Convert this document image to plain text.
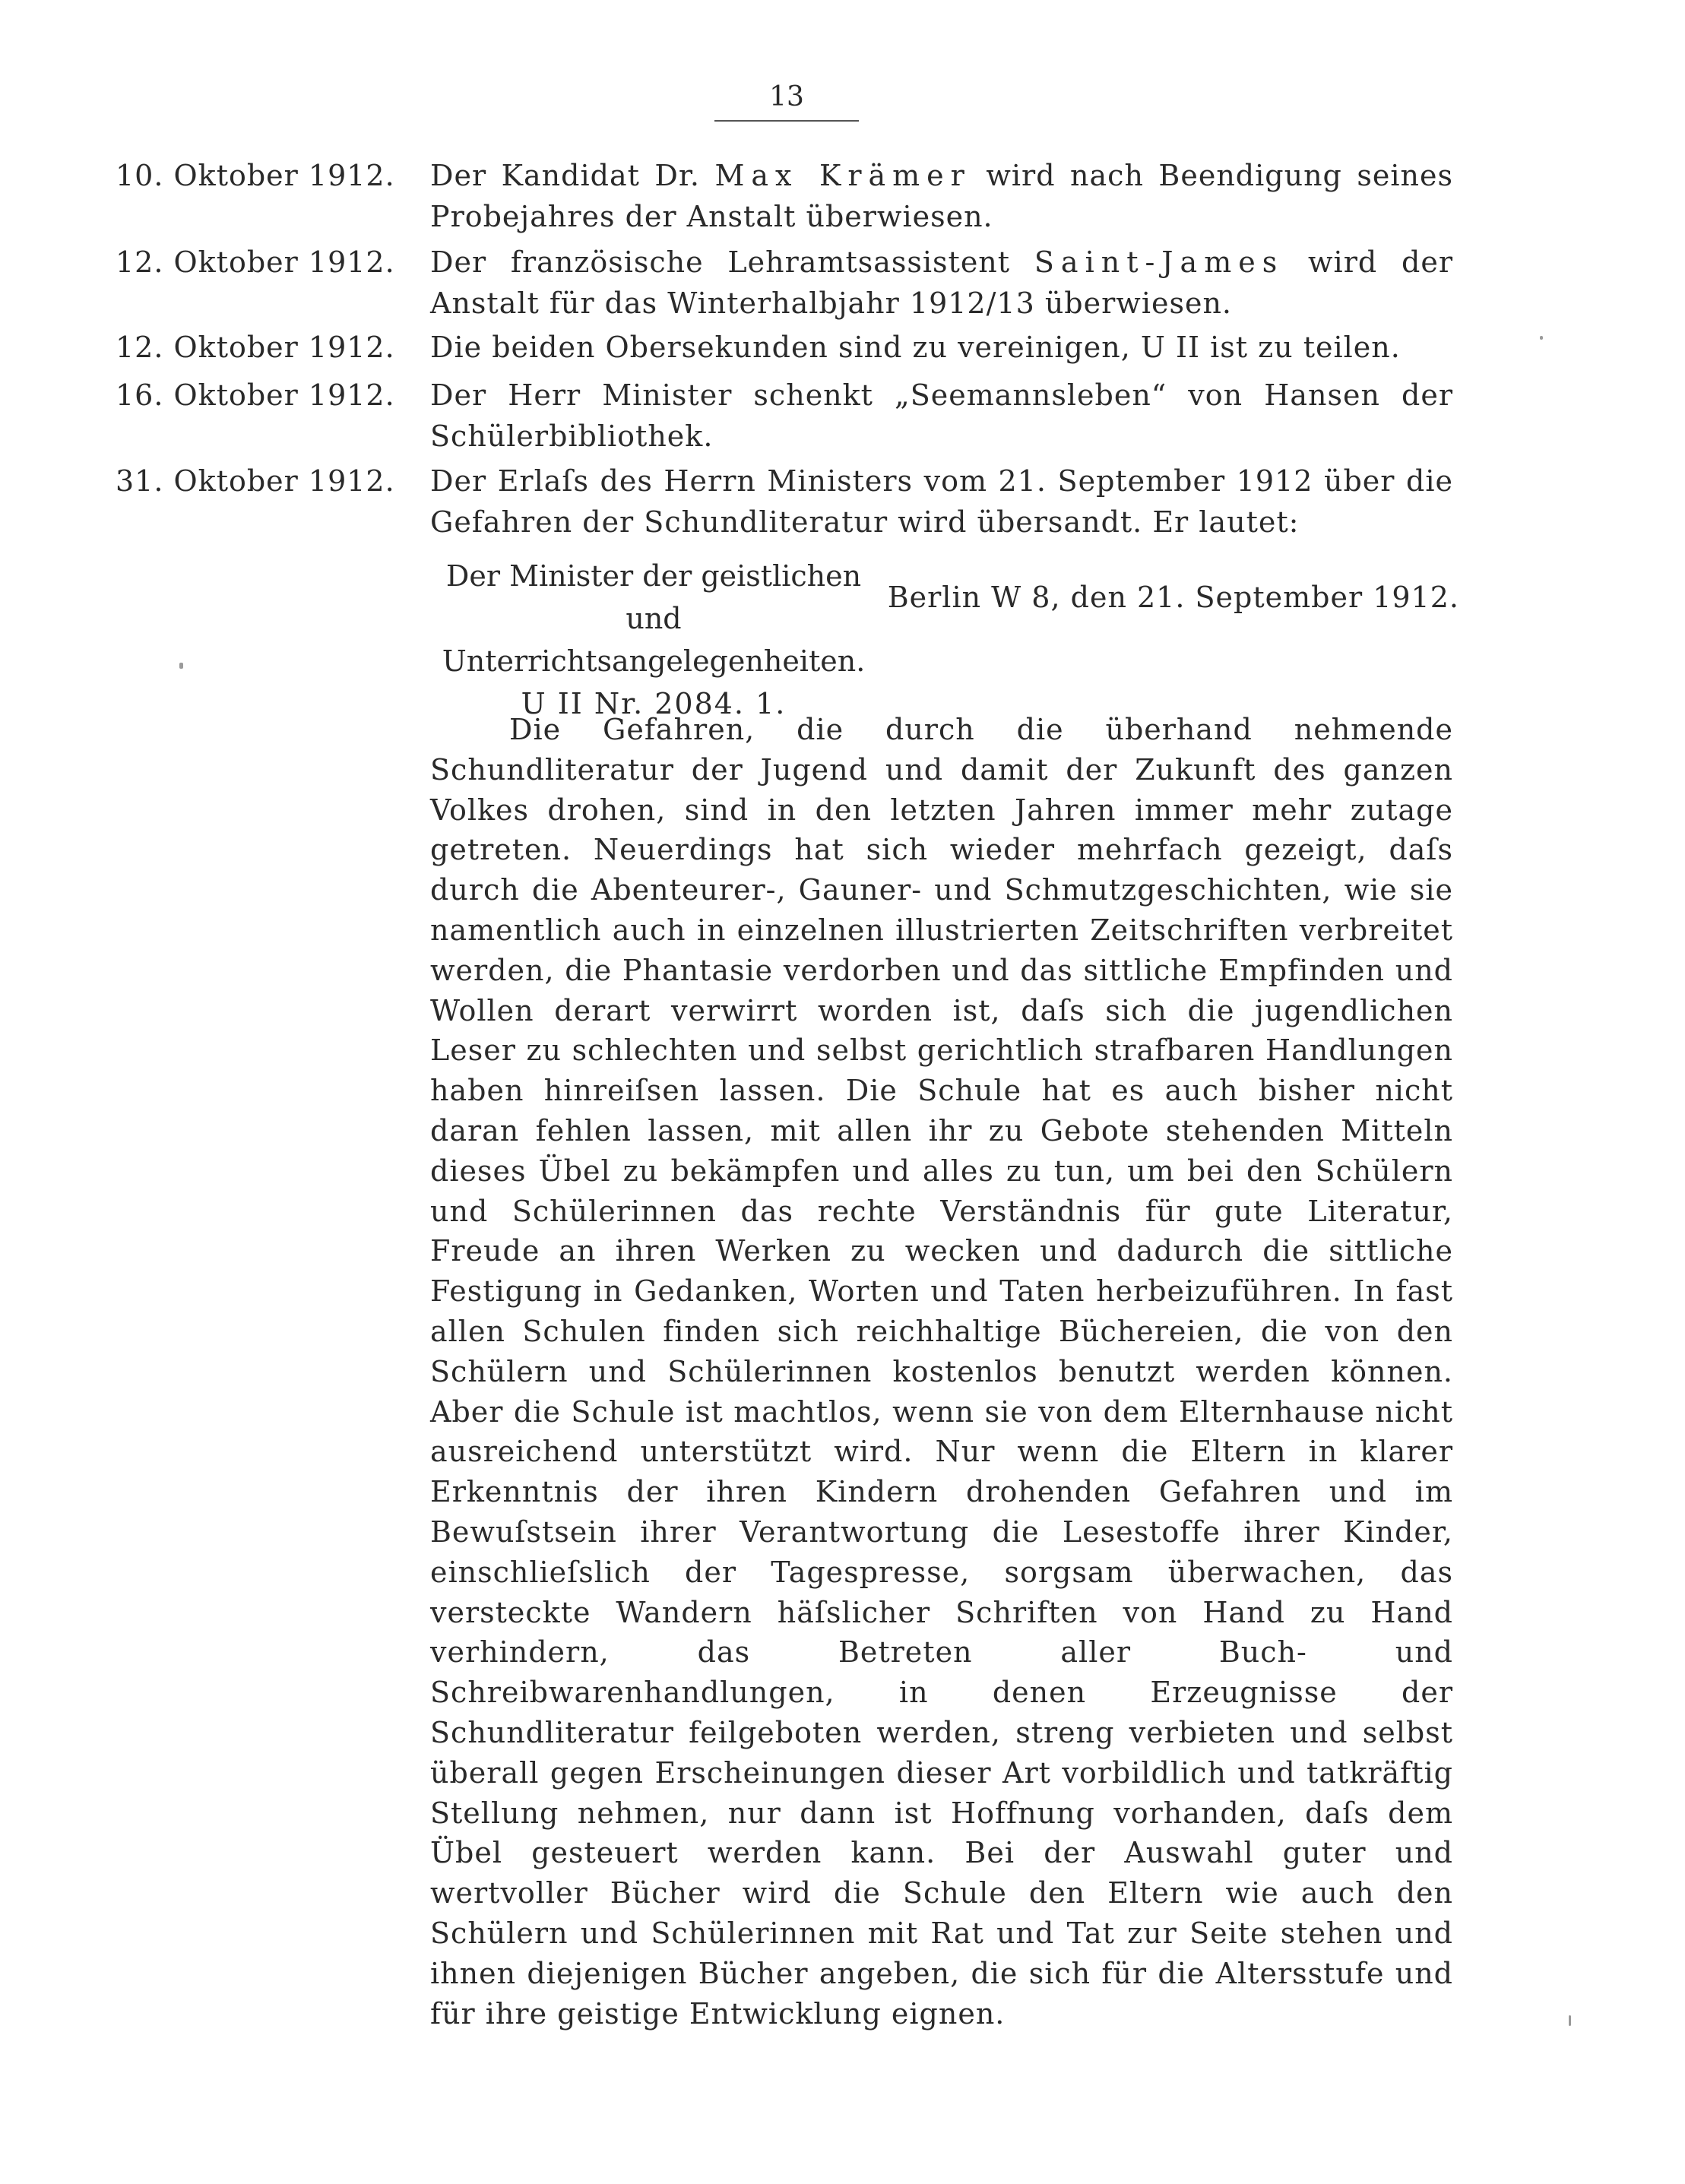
13
10. Oktober 1912. Der Kandidat Dr. Max Krämer wird nach Beendigung seines Probejahres der Anstalt überwiesen.
12. Oktober 1912. Der französische Lehramtsassistent Saint-James wird der Anstalt für das Winterhalbjahr 1912/13 überwiesen.
12. Oktober 1912. Die beiden Obersekunden sind zu vereinigen, U II ist zu teilen.
16. Oktober 1912. Der Herr Minister schenkt „Seemannsleben“ von Hansen der Schülerbibliothek.
31. Oktober 1912. Der Erlaſs des Herrn Ministers vom 21. September 1912 über die Gefahren der Schundliteratur wird übersandt. Er lautet:
Der Minister der geistlichen und
Unterrichtsangelegenheiten.
U II Nr. 2084. 1.
Berlin W 8, den 21. September 1912.

Die Gefahren, die durch die überhand nehmende Schundliteratur der Jugend und damit der Zukunft des ganzen Volkes drohen, sind in den letzten Jahren immer mehr zutage getreten. Neuerdings hat sich wieder mehrfach gezeigt, daſs durch die Abenteurer-, Gauner- und Schmutzgeschichten, wie sie namentlich auch in einzelnen illustrierten Zeitschriften verbreitet werden, die Phantasie verdorben und das sittliche Empfinden und Wollen derart verwirrt worden ist, daſs sich die jugendlichen Leser zu schlechten und selbst gerichtlich strafbaren Handlungen haben hinreiſsen lassen. Die Schule hat es auch bisher nicht daran fehlen lassen, mit allen ihr zu Gebote stehenden Mitteln dieses Übel zu bekämpfen und alles zu tun, um bei den Schülern und Schülerinnen das rechte Verständnis für gute Literatur, Freude an ihren Werken zu wecken und dadurch die sittliche Festigung in Gedanken, Worten und Taten herbeizuführen. In fast allen Schulen finden sich reichhaltige Büchereien, die von den Schülern und Schülerinnen kostenlos benutzt werden können. Aber die Schule ist machtlos, wenn sie von dem Elternhause nicht ausreichend unterstützt wird. Nur wenn die Eltern in klarer Erkenntnis der ihren Kindern drohenden Gefahren und im Bewuſstsein ihrer Verantwortung die Lesestoffe ihrer Kinder, einschlieſslich der Tagespresse, sorgsam überwachen, das versteckte Wandern häſslicher Schriften von Hand zu Hand verhindern, das Betreten aller Buch- und Schreibwarenhandlungen, in denen Erzeugnisse der Schundliteratur feilgeboten werden, streng verbieten und selbst überall gegen Erscheinungen dieser Art vorbildlich und tatkräftig Stellung nehmen, nur dann ist Hoffnung vorhanden, daſs dem Übel gesteuert werden kann. Bei der Auswahl guter und wertvoller Bücher wird die Schule den Eltern wie auch den Schülern und Schülerinnen mit Rat und Tat zur Seite stehen und ihnen diejenigen Bücher angeben, die sich für die Altersstufe und für ihre geistige Entwicklung eignen.
